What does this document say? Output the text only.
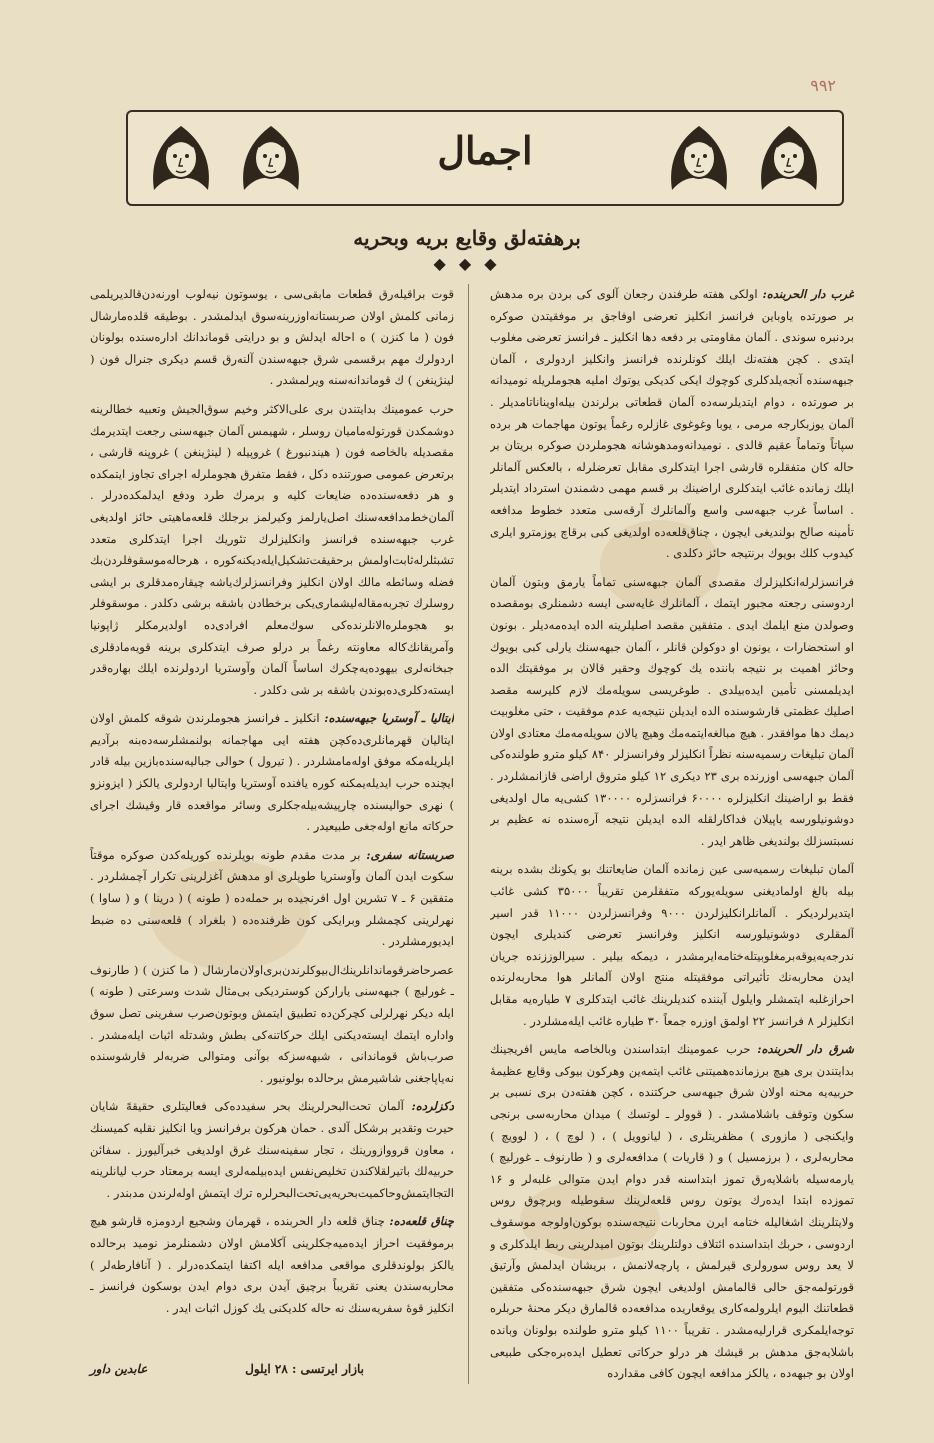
۹۹۲
اجمال
برهفته‌لق وقایع بریه وبحریه
◆ ◆ ◆

غرب دار الحربنده: اولکی هفته طرفندن رجعان آلوی کی بردن بره مدهش بر صورتده یاوباین فرانسز انکلیز تعرضی اوفاجق بر موفقیتدن صوکره بردنبره سوندی . آلمان مقاومتی بر دفعه دها انکلیز ـ فرانسز تعرضی مغلوب ایتدی . کچن هفته‌نك ایلك کونلرنده فرانسز وانکلیز اردولری ، آلمان جبهه‌سنده آنجه‌یلدکلری کوچوك ایکی کدیکی یوتوك املیه هجوملریله نومیدانه بر صورتده ، دوام ایتدیلرسه‌ده آلمان قطعاتی برلرندن بیله‌اوینانا‌تامدیلر . آلمان یوزبکارجه مرمی ، یوبا وغوغوی غازلره رغماً یوتون مهاجمات هر برده سپاتاً وتماماً عقیم قالدی . نومیدانه‌ومدهوشانه هجوملردن صوکره بریتان بر حاله کان متفقلره قارشی اجرا ایتدکلری مقابل تعرضلرله ، بالعکس آلمانلر ایلك زمانده غائب ایتدکلری اراضینك بر قسم مهمی دشمندن استرداد ایتدیلر . اساساً غرب جبهه‌سی واسع وآلمانلرك آرقه‌سی متعدد خطوط مدافعه تأمینه صالح بولندیغی ایچون ، چناق‌قلعه‌ده اولدیغی کبی برقاچ یوزمترو ایلری کیدوب کلك بویوك برنتیجه حائز دکلدی .

فرانسزلرله‌انکلیزلرك مقصدی آلمان جبهه‌سنی تماماً یارمق وبتون آلمان اردوسنی رجعته مجبور ایتمك ، آلمانلرك غایه‌سی ایسه دشمنلری بومقصده وصولدن منع ایلمك ایدی . متفقین مقصد اصلیلرینه الده ایده‌مه‌دیلر . بونون او استحضارات ، یونون او دوکولن قانلر ، آلمان جبهه‌سنك یارلی کبی بویوك وحائز اهمیت بر نتیجه باننده یك کوچوك وحقیر قالان بر موفقیتك الده ایدیلمسنی تأمین ایده‌بیلدی . طوغریسی سویله‌مك لازم کلیرسه مقصد اصلیك عظمتی قارشوسنده الده ایدیلن نتیجه‌یه عدم موفقیت ، حتی مغلوبیت دیمك دها موافقدر . هیچ مبالغه‌ایتمه‌مك وهیچ یالان سویله‌مه‌مك معتادی اولان آلمان تبلیغات رسمیه‌سنه نظراً انکلیزلر وفرانسزلر ۸۴۰ کیلو مترو طولنده‌کی آلمان جبهه‌سی اوزرنده بری ۲۳ دیکری ۱۲ کیلو متروق اراضی قازانمشلردر . فقط بو اراضینك انکلیزلره ۶۰۰۰۰ فرانسزلره ۱۳۰۰۰۰ کشی‌یه مال اولدیغی دوشونیلورسه یاپیلان فداکارلقله الده ایدیلن نتیجه آره‌سنده نه عظیم بر نسبتسزلك بولندیغی ظاهر ایدر .

آلمان تبلیغات رسمیه‌سی عین زمانده آلمان ضایعاتنك بو یکونك بشده برینه بیله بالغ اولمادیغنی سویله‌یورکه متفقلرمن تقریباً ۳۵۰۰۰ کشی غائب ایتدیرلردیکر . آلمانلرانکلیزلردن ۹۰۰۰ وفرانسزلردن ۱۱۰۰۰ قدر اسیر آلمقلری دوشونیلورسه انکلیز وفرانسز تعرضی کندیلری ایچون ندرجه‌یه‌یوقه‌برمغلوبیتله‌ختامه‌ایرمشدر ، دیمکه بیلیر . سیرالوززنده جریان ایدن محاربه‌نك تأثیراتی موفقیتله منتج اولان آلمانلر هوا محاربه‌لرنده احرازغلبه ایتمشلر وایلول آیننده کندیلرینك غائب ایتدکلری ۷ طیاره‌یه مقابل انکلیزلر ۸ فرانسز ۲۲ اولمق اوزره جمعاً ۳۰ طیاره غائب ایله‌مشلردر .

شرق دار الحربنده: حرب عمومینك ابتداسندن وبالخاصه مایس افریجینك بدایتندن بری هیچ برزمانده‌همیتنی غائب ایتمه‌ین وهرکون بیوکی وقایع عظیمهٔ حربیه‌یه محنه اولان شرق جبهه‌سی حرکتنده ، کچن هفته‌دن بری نسبی بر سکون وتوقف باشلامشدر . ( قوولر ـ لوتسك ) میدان محاربه‌سی برنجی وایکنجی ( مازوری ) مظفریتلری ، ( لیانوویل ) ، ( لوچ ) ، ( لوویچ ) محاربه‌لری ، ( برزمسیل ) و ( قاریات ) مدافعه‌لری و ( طارنوف ـ غورلیچ ) یارمه‌سیله باشلایه‌رق تموز ابتداسنه قدر دوام ایدن متوالی غلبه‌لر و ۱۶ تموزده ابتدا ایده‌رك یوتون روس قلعه‌لرینك سقوطیله وبرچوق روس ولایتلرینك اشغالیله ختامه ایرن محاربات نتیجه‌سنده بوکون‌اولوجه موسقوف اردوسی ، حربك ابتداسنده ائتلاف دولتلرینك بوتون امیدلرینی ربط ایلدکلری و لا یعد روس سورولری قیرلمش ، پارچه‌لانمش ، بریشان ایدلمش وآرتیق قورتولمه‌جق حالی قالمامش اولدیغی ایچون شرق جبهه‌سنده‌کی متفقین قطعاتنك الیوم ایلرولمه‌کاری یوقعاریده مدافعه‌ده قالمارق دیکر محنهٔ حربلره توجه‌ایلمکری قرارلیه‌مشدر . تقریباً ۱۱۰۰ کیلو مترو طولنده بولونان وبانده باشلایه‌جق مدهش بر قیشك هر درلو حرکاتی تعطیل ایده‌بره‌جکی طبیعی اولان بو جبهه‌ده ، یالکز مدافعه ایچون کافی مقدارده

قوت براقیله‌رق قطعات مابقی‌سی ، یوسوتون نیه‌لوب اورنه‌دن‌قالدیریلمی زمانی کلمش اولان صربستانه‌اوزرینه‌سوق ایدلمشدر . بوطیقه قلده‌مارشال فون ( ما کنزن ) ه احاله ایدلش و بو درایتی قوماندانك اداره‌سنده بولونان اردولرك مهم برقسمی شرق جبهه‌سندن آلنه‌رق قسم دیکری جنرال فون ( لینژینغن ) ك قوماندانه‌سنه ویرلمشدر .

حرب عمومینك بدایتندن بری علی‌الاکثر وخیم سوق‌الجیش وتعبیه خطالرینه دوشمکدن قورتوله‌مامیان روسلر ، شهیمس آلمان جبهه‌سنی رجعت ایتدیرمك مقصدیله بالخاصه فون ( هیندنبورغ ) غروپیله ( لینژینغن ) غروپنه قارشی ، برتعرض عمومی صورتنده دکل ، فقط متفرق هجوملرله اجرای تجاوز ایتمکده و هر دفعه‌سنده‌ده ضایعات کلیه و برمرك طرد ودفع ایدلمکده‌درلر . آلمان‌خط‌مدافعه‌سنك اصل‌یارلمز وکیرلمز برجلك قلعه‌ماهیتی حائز اولدیغی غرب جبهه‌سنده فرانسز وانکلیزلرك تئوریك اجرا ایتدکلری متعدد تشبثلرله‌ثابت‌اولمش برحقیقت‌تشکیل‌ایله‌دیکنه‌کوره ، هرحاله‌موسقوفلردن‌بك فضله وسائطه مالك اولان انکلیز وفرانسزلرك‌یاشه چیقاره‌مدقلری بر ایشی روسلرك تجربه‌مقاله‌لیشماری‌یکی برخطادن باشقه برشی دکلدر . موسقوفلر بو هجوملره‌الانلرنده‌کی سوك‌معلم افرادی‌ده اولدیرمکلر ژاپونیا وآمریقانك‌کاله معاونته رغماً بر درلو صرف ایتدکلری برینه قویه‌مادقلری جبخانه‌لری بیهوده‌یه‌چکرك اساساً آلمان وآوستریا اردولرنده ایلك بهاره‌قدر ایسته‌دکلری‌ده‌بوندن باشقه بر شی دکلدر .

ایتالیا ـ آوستریا جبهه‌سنده: انکلیز ـ فرانسز هجوملرندن شوقه کلمش اولان ایتالیان قهرمانلری‌ده‌کچن هفته ایی مهاجمانه بولنمشلرسه‌ده‌بنه برآدیم ایلریله‌مکه موفق اوله‌مامشلردر . ( تیرول ) حوالی جبالیه‌سنده‌بازین بیله قادر ایچنده حرب ایدیله‌یمکنه کوره یافنده آوستریا وایتالیا اردولری یالکز ( ایزونزو ) نهری حوالیسنده چارپیشه‌بیله‌جکلری وسائر مواقعده قار وقیشك اجرای حرکاته مانع اوله‌جغی طبیعیدر .

صربستانه سفری: بر مدت مقدم طونه بویلرنده کوریله‌کدن صوکره موقتاً سکوت ایدن آلمان وآوستریا طوپلری او مدهش آغزلرینی تکرار آچمشلردر . متفقین ۶ ـ ۷ تشرین اول افرنجیده بر حمله‌ده ( طونه ) ( درینا ) و ( ساوا ) نهرلرینی کچمشلر وبرایکی کون ظرفنده‌ده ( بلغراد ) قلعه‌سنی ده ضبط ایدیورمشلردر .

عصرحاضرقوماندانلرینك‌ال‌بیوکلرندن‌بری‌اولان‌مارشال ( ما کنزن ) ( طارنوف ـ غورلیچ ) جبهه‌سنی یارارکن کوستردیکی بی‌مثال شدت وسرعتی ( طونه ) ایله دیکر نهرلرلی کچرکن‌ده تطبیق ایتمش وبوتون‌صرب سفرینی تصل سوق واداره ایتمك ایسته‌دیکنی ایلك حرکاتنه‌کی بطش وشدتله اثبات ایله‌مشدر . صرب‌باش قوماندانی ، شبهه‌سزکه بوآنی ومتوالی ضربه‌لر قارشوسنده نه‌یاپاجغنی شاشیرمش برحالده بولونیور .

دکزلرده: آلمان تحت‌البحرلرینك بحر سفیدده‌کی فعالیتلری حقیقهً شایان حیرت وتقدیر برشکل آلدی . حمان هرکون برفرانسز ویا انکلیز نقلیه کمیسنك ، معاون قرووازورینك ، تجار سفینه‌سنك غرق اولدیغی خبرآلیورز . سفائن حربیه‌لك باتیرلقلاکندن تخلیص‌نفس ایده‌بیلمه‌لری ایسه برمعتاد حرب لیانلرینه التجاایتمش‌وحاکمیت‌بحریه‌یی‌تحت‌البحرلره ترك ایتمش اوله‌لرندن مدبندر .

چناق قلعه‌ده: چناق قلعه دار الحربنده ، قهرمان وشجیع اردومزه قارشو هیچ برموفقیت احراز ایده‌میه‌جکلرینی آکلامش اولان دشمنلرمز نومید برحالده یالکز بولوندقلری مواقعی مدافعه ایله اکتفا ایتمکده‌درلر . ( آنافارطه‌لر ) محاربه‌سندن یعنی تقریباً برچیق آیدن بری دوام ایدن بوسکون فرانسز ـ انکلیز قوهٔ سفریه‌سنك نه حاله کلدیکنی یك کوزل اثبات ایدر .

بازار ایرتسی : ۲۸ ایلول
عابدین داور
